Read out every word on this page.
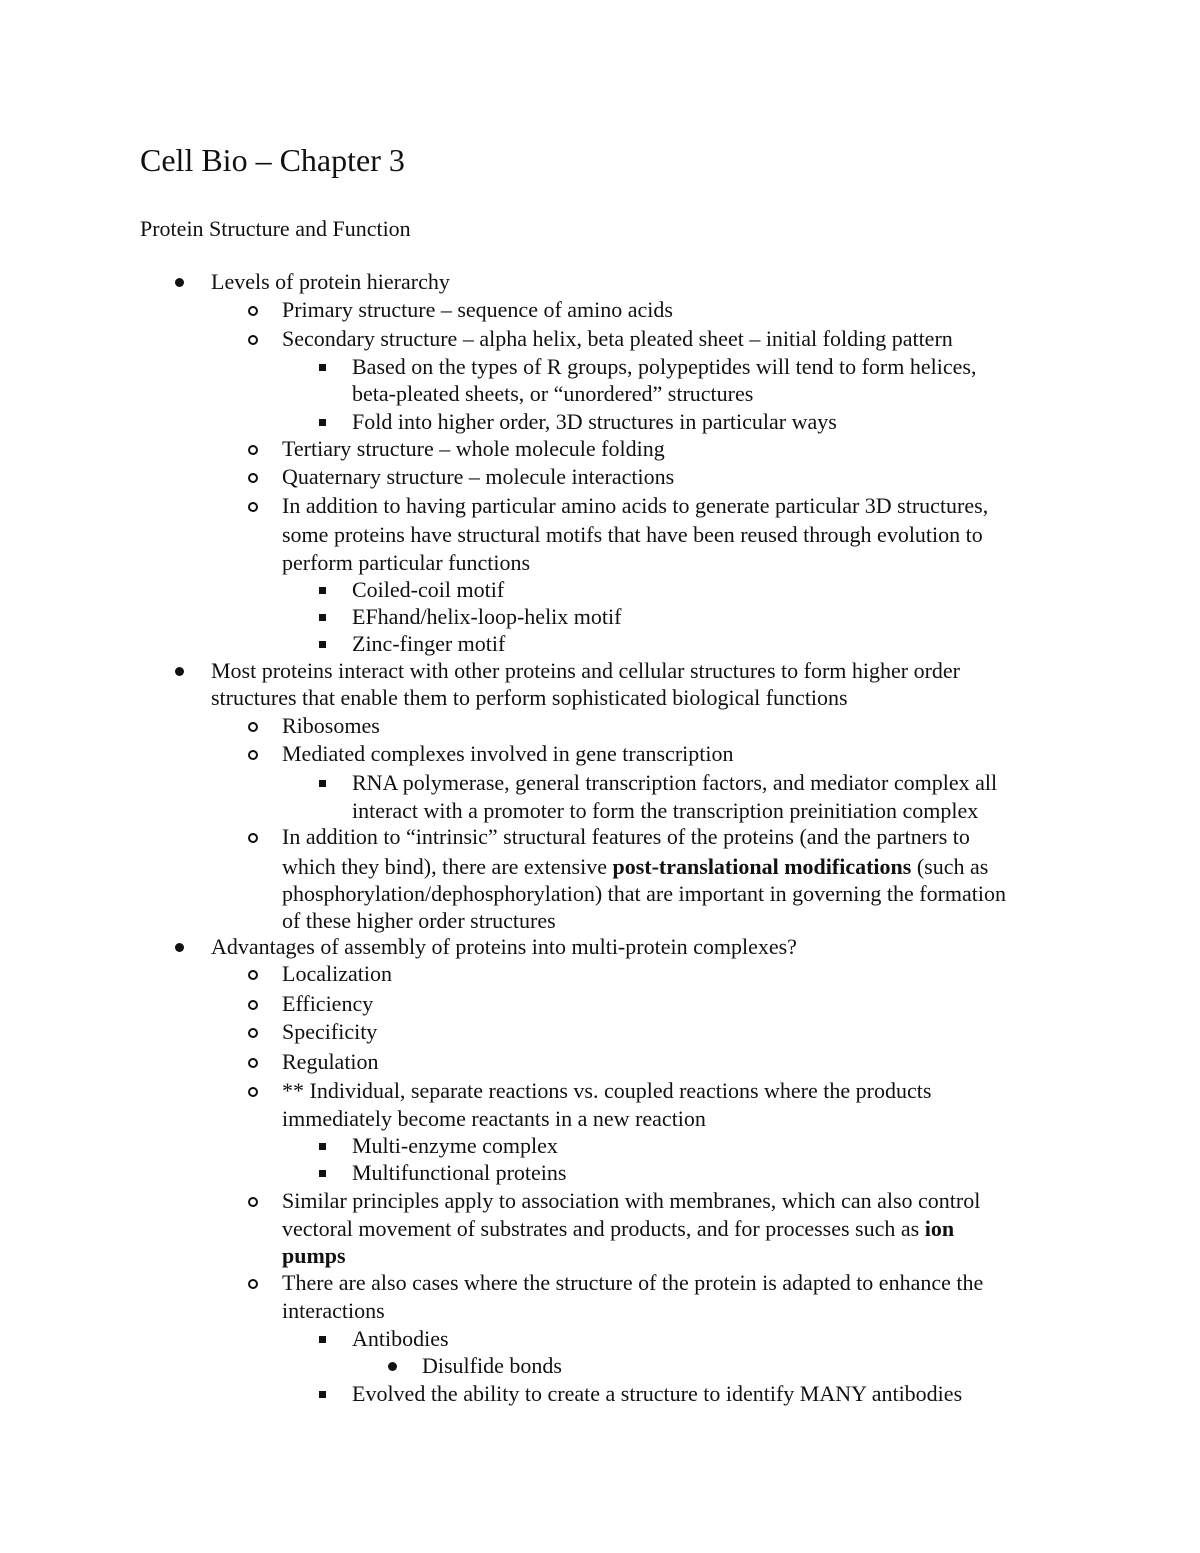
Cell Bio – Chapter 3
Protein Structure and Function
Levels of protein hierarchy
Primary structure – sequence of amino acids
Secondary structure – alpha helix, beta pleated sheet – initial folding pattern
Based on the types of R groups, polypeptides will tend to form helices,
beta-pleated sheets, or “unordered” structures
Fold into higher order, 3D structures in particular ways
Tertiary structure – whole molecule folding
Quaternary structure – molecule interactions
In addition to having particular amino acids to generate particular 3D structures,
some proteins have structural motifs that have been reused through evolution to
perform particular functions
Coiled-coil motif
EFhand/helix-loop-helix motif
Zinc-finger motif
Most proteins interact with other proteins and cellular structures to form higher order
structures that enable them to perform sophisticated biological functions
Ribosomes
Mediated complexes involved in gene transcription
RNA polymerase, general transcription factors, and mediator complex all
interact with a promoter to form the transcription preinitiation complex
In addition to “intrinsic” structural features of the proteins (and the partners to
which they bind), there are extensive post-translational modifications (such as
phosphorylation/dephosphorylation) that are important in governing the formation
of these higher order structures
Advantages of assembly of proteins into multi-protein complexes?
Localization
Efficiency
Specificity
Regulation
** Individual, separate reactions vs. coupled reactions where the products
immediately become reactants in a new reaction
Multi-enzyme complex
Multifunctional proteins
Similar principles apply to association with membranes, which can also control
vectoral movement of substrates and products, and for processes such as ion
pumps
There are also cases where the structure of the protein is adapted to enhance the
interactions
Antibodies
Disulfide bonds
Evolved the ability to create a structure to identify MANY antibodies
